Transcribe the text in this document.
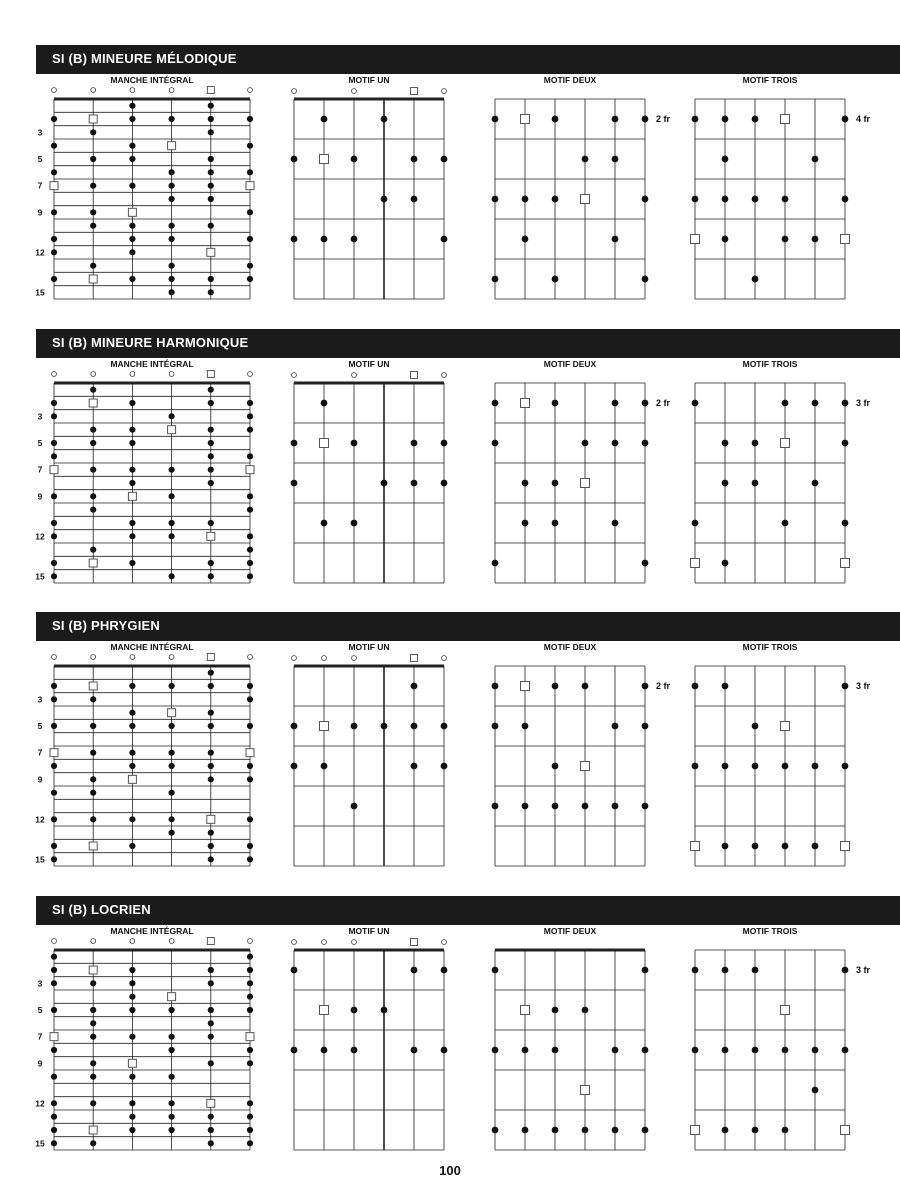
SI (B) MINEURE MÉLODIQUE
MANCHE INTÉGRAL
3
5
7
9
12
15
MOTIF UN	MOTIF DEUX
2 fr
MOTIF TROIS
4 fr
SI (B) MINEURE HARMONIQUE
MANCHE INTÉGRAL
3
5
7
9
12
15
MOTIF UN	MOTIF DEUX
2 fr
MOTIF TROIS
3 fr
SI (B) PHRYGIEN
MANCHE INTÉGRAL
3
5
7
9
12
15
MOTIF UN	MOTIF DEUX
2 fr
MOTIF TROIS
3 fr
SI (B) LOCRIEN
MANCHE INTÉGRAL
3
5
7
9
12
15
MOTIF UN	MOTIF DEUX	MOTIF TROIS
3 fr
100
